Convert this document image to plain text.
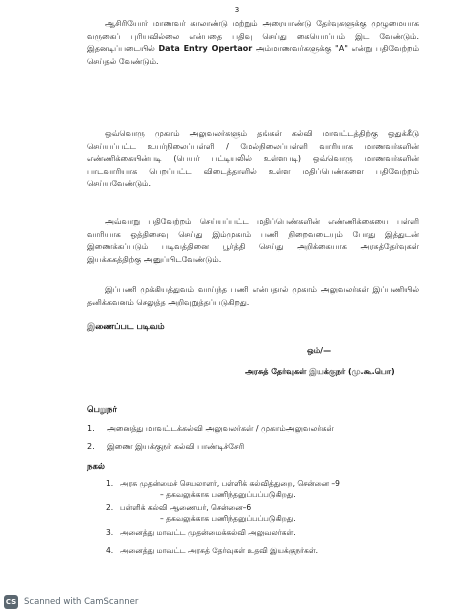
3
ஆசிரியோர் மாணவர் காலாண்டு மற்றும் அரையாண்டு தேர்வுகளுக்கு முழுமையாக வருகைப் புரியவில்லை என்பதை பதிவு செய்து கையொப்பம் இட வேண்டும். இதனடிப்படையில் Data Entry Opertaor அம்மாணவர்களுக்கு "A" என்று பதிவேற்றம் செய்தல் வேண்டும்.
ஒவ்வொரு முகாம் அலுவலர்களும் தங்கள் கல்வி மாவட்டத்திற்கு ஒதுக்கீடு செய்யப்பட்ட உயர்நிலைப்பள்ளி / மேல்நிலைப்பள்ளி வாரியாக மாணவர்களின் எண்ணிக்கையின்படி (பெயர் பட்டியலில் உள்ளபடி) ஒவ்வொரு மாணவர்களின் பாடவாரியாக பெறப்பட்ட விடைத்தாளில் உள்ள மதிப்பெண்களை பதிவேற்றம் செய்யவேண்டும்.
அவ்வாறு பதிவேற்றம் செய்யப்பட்ட மதிப்பெண்களின் எண்ணிக்கையை பள்ளி வாரியாக ஒத்திசைவு செய்து இம்முகாம் பணி நிறைவடையும் போது இத்துடன் இணைக்கப்படும் படிவத்தினை பூர்த்தி செய்து அறிக்கையாக அரசுத்தேர்வுகள் இயக்ககத்திற்கு அனுப்பிடவேண்டும்.
இப்பணி முக்கியத்துவம் வாய்ந்த பணி என்பதால் முகாம் அலுவலர்கள் இப்பணியில் தனிக்கவனம் செலுத்த அறிவுறுத்தப்படுகிறது.
இணைப்பட படிவம்
ஒம்/—
அரசுத் தேர்வுகள் இயக்குநர் (மு.கூ.பொ)
பெறுநர்
1. அனைத்து மாவட்டக்கல்வி அலுவலர்கள் / முகாம்அலுவலர்கள்
2. இணை இயக்குநர் கல்வி பாண்டிச்சேரி
நகல்
1. அரசு முதன்மைச் செயலாளர், பள்ளிக் கல்வித்துறை, சென்னை –9
– தகவலுக்காக பணிந்தனுப்பப்படுகிறது.
2. பள்ளிக் கல்வி ஆணையர், சென்னை–6
– தகவலுக்காக பணிந்தனுப்பப்படுகிறது.
3. அனைத்து மாவட்ட முதன்மைக்கல்வி அலுவலர்கள்.
4. அனைத்து மாவட்ட அரசுத் தேர்வுகள் உதவி இயக்குநர்கள்.
CS Scanned with CamScanner
